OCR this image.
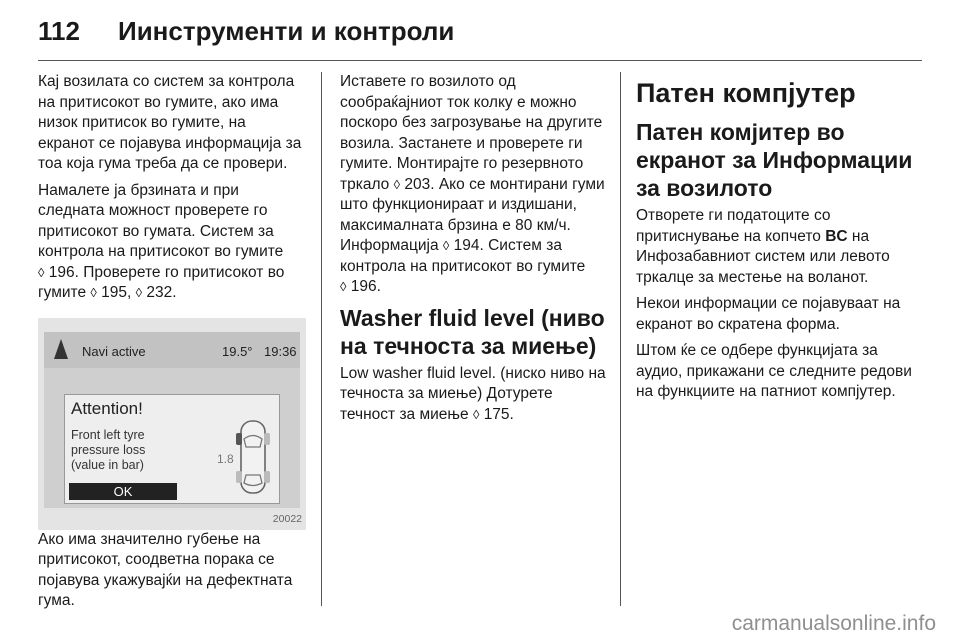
112 Иинструменти и контроли

Кај возилата со систем за контрола на притисокот во гумите, ако има низок притисок во гумите, на екранот се појавува информација за тоа која гума треба да се провери.

Намалете ја брзината и при следната можност проверете го притисокот во гумата. Систем за контрола на притисокот во гумите
◊ 196. Проверете го притисокот во гумите ◊ 195, ◊ 232.

Navi active	19.5° 19:36
Attention!
Front left tyre
pressure loss
(value in bar)	1.8
OK
20022

Ако има значително губење на притисокот, соодветна порака се појавува укажувајќи на дефектната гума.

Иставете го возилото од сообраќајниот ток колку е можно поскоро без загрозување на другите возила. Застанете и проверете ги гумите. Монтирајте го резервното тркало ◊ 203. Ако се монтирани гуми што функционираат и издишани, максималната брзина е 80 км/ч. Информација ◊ 194. Систем за контрола на притисокот во гумите
◊ 196.

Washer fluid level (ниво на течноста за миење)

Low washer fluid level. (ниско ниво на течноста за миење) Дотурете течност за миење ◊ 175.

Патен компјутер
Патен комјитер во екранот за Информации за возилото

Отворете ги податоците со притиснување на копчето BC на Инфозабавниот систем или левото тркалце за местење на воланот.

Некои информации се појавуваат на екранот во скратена форма.

Штом ќе се одбере функцијата за аудио, прикажани се следните редови на функциите на патниот компјутер.

carmanualsonline.info
